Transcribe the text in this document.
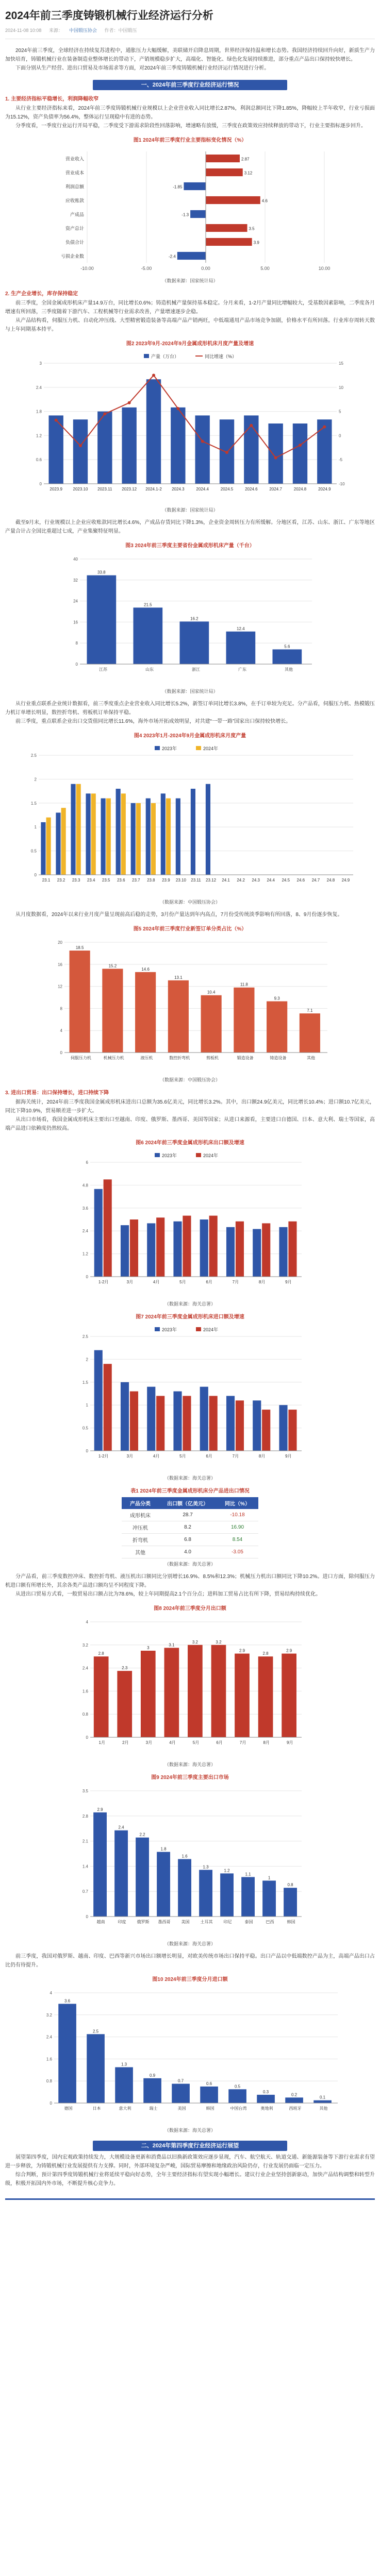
2024年前三季度铸锻机械行业经济运行分析
2024-11-08 10:08 来源： 中国锻压协会 作者：中国锻压

2024年前三季度，全球经济在持续复苏进程中，通胀压力大幅缓解，美联储开启降息周期，世界经济保持温和增长态势。我国经济持续回升向好，新质生产力加快培育，铸锻机械行业在装备制造业整体增长的带动下，产销规模稳步扩大，高端化、智能化、绿色化发展持续推进，部分重点产品出口保持较快增长。

下面分别从生产经营、进出口贸易及市场需求等方面，对2024年前三季度铸锻机械行业经济运行情况进行分析。

一、2024年前三季度行业经济运行情况
1. 主要经济指标平稳增长，利润降幅收窄

从行业主要经济指标来看，2024年前三季度铸锻机械行业规模以上企业营业收入同比增长2.87%，利润总额同比下降1.85%，降幅较上半年收窄，行业亏损面为15.12%，资产负债率为56.4%，整体运行呈现稳中有进的态势。

分季度看，一季度行业运行开局平稳，二季度受下游需求阶段性回落影响，增速略有放缓，三季度在政策效应持续释放的带动下，行业主要指标逐步回升。

图1 2024年前三季度行业主要指标变化情况（%）
-10.00	-5.00	0.00	5.00	10.00
营业收入	2.87
营业成本	3.12
利润总额	-1.85
应收账款	4.6
产成品	-1.3
资产总计	3.5
负债合计	3.9
亏损企业数	-2.4
（数据来源：国家统计局）
2. 生产企业增长，库存保持稳定

前三季度，全国金属成形机床产量14.9万台，同比增长0.6%；铸造机械产量保持基本稳定。分月来看，1-2月产量同比增幅较大，受基数因素影响，二季度各月增速有所回落，三季度随着下游汽车、工程机械等行业需求改善，产量增速逐步企稳。

从产品结构看，伺服压力机、自动化冲压线、大型精密锻造装备等高端产品产销两旺，中低端通用产品市场竞争加剧，价格水平有所回落。行业库存周转天数与上年同期基本持平。

图2 2023年9月-2024年9月金属成形机床月度产量及增速
0	-10
0.6	-5
1.2	0
1.8	5
2.4	10
3	15
2023.9	2023.10 2023.11 2023.12 2024.1-2 2024.3	2024.4	2024.5	2024.6	2024.7	2024.8	2024.9
产量（万台）	同比增速（%）
（数据来源：国家统计局）

截至9月末，行业规模以上企业应收账款同比增长4.6%，产成品存货同比下降1.3%，企业资金周转压力有所缓解。分地区看，江苏、山东、浙江、广东等地区产量合计占全国比重超过七成，产业集聚特征明显。

图3 2024年前三季度主要省份金属成形机床产量（千台）
0
8
16
24
32
40
33.8
21.5
16.2
12.4
5.6
江苏	山东	浙江	广东	其他
（数据来源：国家统计局）

从行业重点联系企业统计数据看，前三季度重点企业营业收入同比增长5.2%，新签订单同比增长3.8%，在手订单较为充足。分产品看，伺服压力机、热模锻压力机订单增长明显，数控折弯机、剪板机订单保持平稳。

前三季度，重点联系企业出口交货值同比增长11.6%，海外市场开拓成效明显，对共建“一带一路”国家出口保持较快增长。

图4 2023年1月-2024年9月金属成形机床月度产量
0
0.5
1
1.5
2
2.5
23.1 23.2 23.3 23.4 23.5 23.6 23.7 23.8 23.9 23.10 23.11 23.12 24.1 24.2 24.3 24.4 24.5 24.6 24.7 24.8 24.9
2023年	2024年
（数据来源：中国锻压协会）

从月度数据看，2024年以来行业月度产量呈现前高后稳的走势，3月份产量达到年内高点，7月份受传统淡季影响有所回落，8、9月份逐步恢复。

图5 2024年前三季度行业新签订单分类占比（%）
0
4
8
12
16
20
18.5
15.2
14.6
13.1
10.4
11.8
9.3
7.1
伺服压力机	机械压力机	液压机	数控折弯机	剪板机	锻造设备	铸造设备	其他
（数据来源：中国锻压协会）
3. 进出口贸易：出口保持增长，进口持续下降

据海关统计，2024年前三季度我国金属成形机床进出口总额为35.6亿美元，同比增长3.2%。其中，出口额24.9亿美元，同比增长10.4%；进口额10.7亿美元，同比下降10.9%，贸易顺差进一步扩大。

从出口市场看，我国金属成形机床主要出口至越南、印度、俄罗斯、墨西哥、美国等国家；从进口来源看，主要进口自德国、日本、意大利、瑞士等国家，高端产品进口依赖度仍然较高。

图6 2024年前三季度金属成形机床出口额及增速
0
1.2
2.4
3.6
4.8
6
1-2月	3月	4月	5月	6月	7月	8月	9月
2023年	2024年
（数据来源：海关总署）
图7 2024年前三季度金属成形机床进口额及增速
0
0.5
1
1.5
2
2.5
1-2月	3月	4月	5月	6月	7月	8月	9月
2023年	2024年
（数据来源：海关总署）
表1 2024年前三季度金属成形机床分产品进出口情况
产品分类	出口额（亿美元）	同比（%）
成形机床	28.7	-10.18
冲压机	8.2	16.90
折弯机	6.8	8.54
其他	4.0	-3.05
（数据来源：海关总署）

分产品看，前三季度数控冲床、数控折弯机、液压机出口额同比分别增长16.9%、8.5%和12.3%；机械压力机出口额同比下降10.2%。进口方面，除伺服压力机进口额有所增长外，其余各类产品进口额均呈不同程度下降。

从进出口贸易方式看，一般贸易出口额占比为78.6%，较上年同期提高2.1个百分点；进料加工贸易占比有所下降，贸易结构持续优化。

图8 2024年前三季度分月出口额
0
0.8
1.6
2.4
3.2
4
2.8
2.3
3
3.1
3.2	3.2
2.9
2.8
2.9
1月	2月	3月	4月	5月	6月	7月	8月	9月
（数据来源：海关总署）
图9 2024年前三季度主要出口市场
0
0.7
1.4
2.1
2.8
3.5
2.9
2.4
2.2
1.8
1.6
1.3
1.2
1.1
1
0.8
越南	印度	俄罗斯 墨西哥	美国	土耳其	印尼	泰国	巴西	韩国
（数据来源：海关总署）

前三季度，我国对俄罗斯、越南、印度、巴西等新兴市场出口额增长明显，对欧美传统市场出口保持平稳。出口产品以中低端数控产品为主，高端产品出口占比仍有待提升。

图10 2024年前三季度分月进口额
0
0.8
1.6
2.4
3.2
4
3.6
2.5
1.3
0.9
0.7
0.6
0.5
0.3
0.2
0.1
德国	日本	意大利	瑞士	美国	韩国	中国台湾	奥地利	西班牙	其他
（数据来源：海关总署）
二、2024年第四季度行业经济运行展望

展望第四季度，国内宏观政策持续发力，大规模设备更新和消费品以旧换新政策效应逐步显现，汽车、航空航天、轨道交通、新能源装备等下游行业需求有望进一步释放，为铸锻机械行业发展提供有力支撑。同时，外部环境复杂严峻，国际贸易摩擦和地缘政治风险仍存，行业发展仍面临一定压力。

综合判断，预计第四季度铸锻机械行业将延续平稳向好态势，全年主要经济指标有望实现小幅增长。建议行业企业坚持创新驱动，加快产品结构调整和转型升级，积极开拓国内外市场，不断提升核心竞争力。
